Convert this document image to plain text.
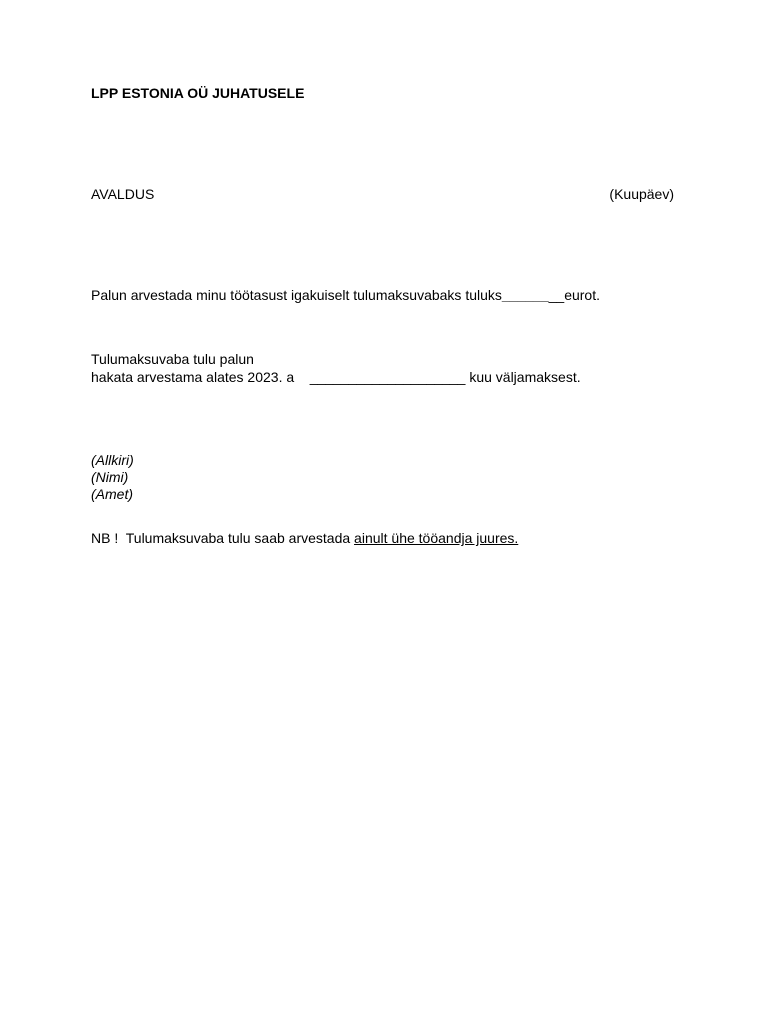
LPP ESTONIA OÜ JUHATUSELE
AVALDUS	(Kuupäev)
Palun arvestada minu töötasust igakuiselt tulumaksuvabaks tuluks________eurot.
Tulumaksuvaba tulu palun
hakata arvestama alates 2023. a    ____________________ kuu väljamaksest.
(Allkiri)
(Nimi)
(Amet)
NB !  Tulumaksuvaba tulu saab arvestada ainult ühe tööandja juures.
